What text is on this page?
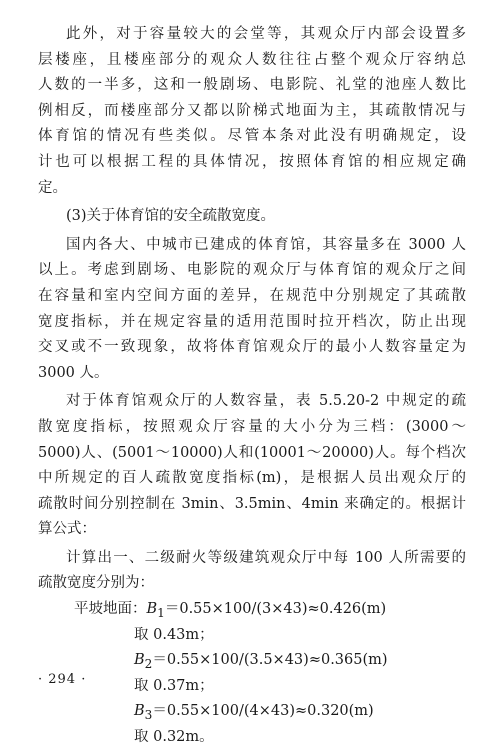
此外，对于容量较大的会堂等，其观众厅内部会设置多
层楼座，且楼座部分的观众人数往往占整个观众厅容纳总
人数的一半多，这和一般剧场、电影院、礼堂的池座人数比
例相反，而楼座部分又都以阶梯式地面为主，其疏散情况与
体育馆的情况有些类似。尽管本条对此没有明确规定，设
计也可以根据工程的具体情况，按照体育馆的相应规定确
定。
(3)关于体育馆的安全疏散宽度。
国内各大、中城市已建成的体育馆，其容量多在 3000 人
以上。考虑到剧场、电影院的观众厅与体育馆的观众厅之间
在容量和室内空间方面的差异，在规范中分别规定了其疏散
宽度指标，并在规定容量的适用范围时拉开档次，防止出现
交叉或不一致现象，故将体育馆观众厅的最小人数容量定为
3000 人。
对于体育馆观众厅的人数容量，表 5.5.20-2 中规定的疏
散宽度指标，按照观众厅容量的大小分为三档：(3000～
5000)人、(5001～10000)人和(10001～20000)人。每个档次
中所规定的百人疏散宽度指标(m)，是根据人员出观众厅的
疏散时间分别控制在 3min、3.5min、4min 来确定的。根据计
算公式：
计算出一、二级耐火等级建筑观众厅中每 100 人所需要的
疏散宽度分别为：
平坡地面：$B_1=0.55\times 100/(3\times 43)\approx 0.426(m)$
取 0.43m；
$B_2=0.55\times 100/(3.5\times 43)\approx 0.365(m)$
取 0.37m；
$B_3=0.55\times 100/(4\times 43)\approx 0.320(m)$
取 0.32m。
· 294 ·
